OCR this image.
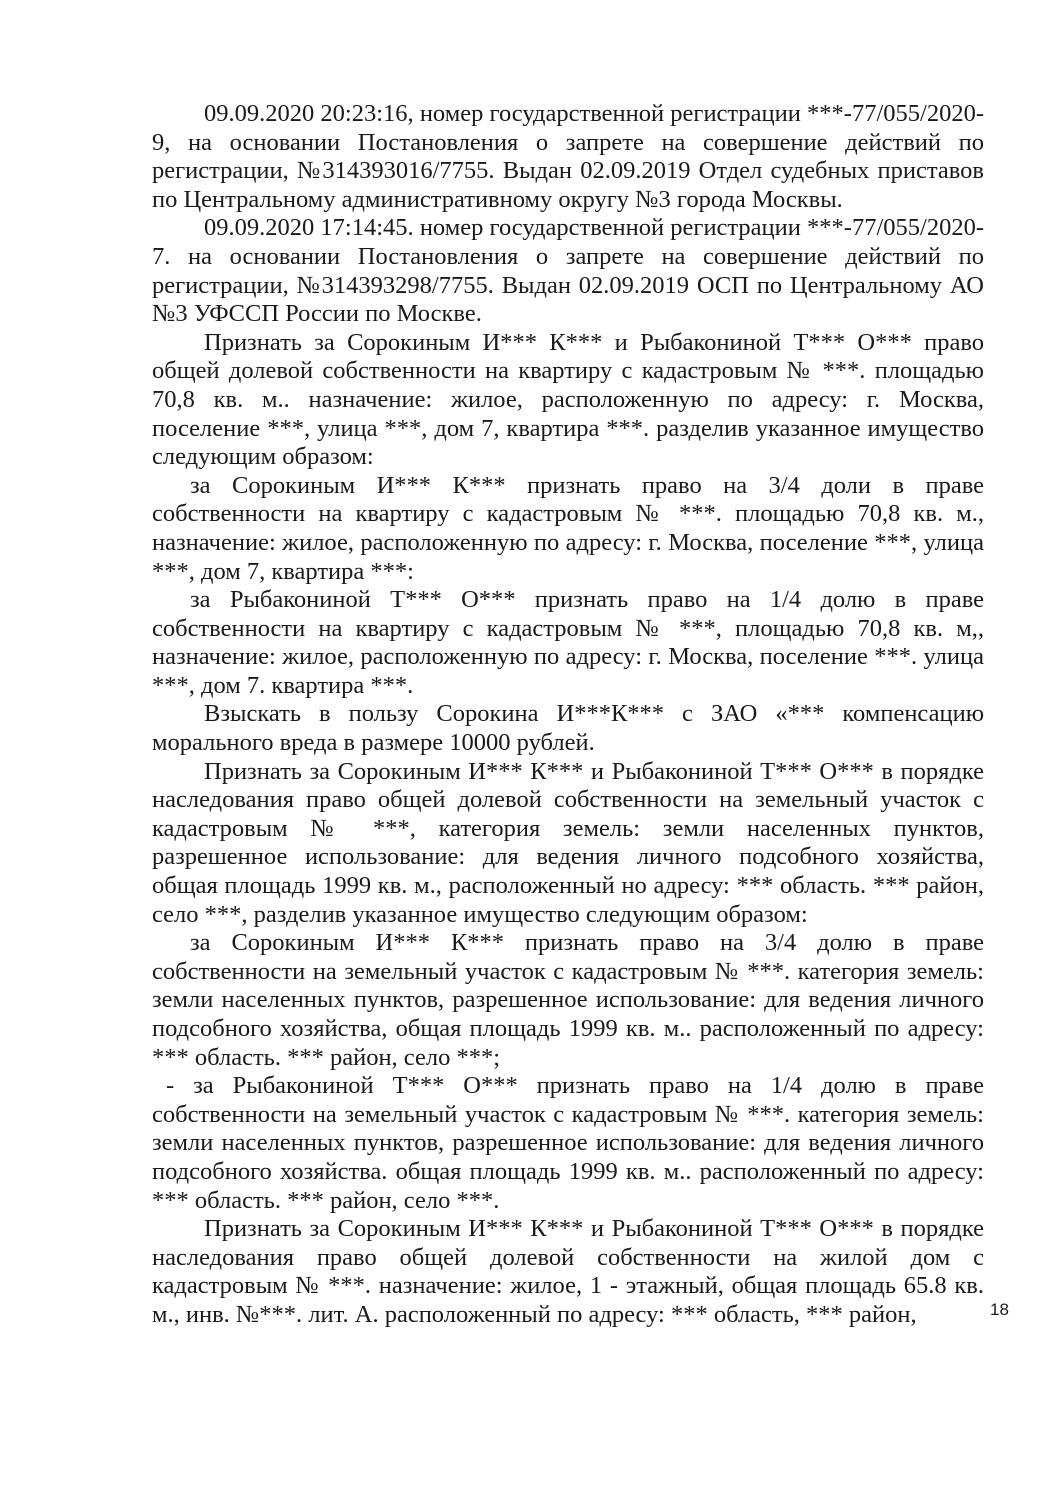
09.09.2020 20:23:16, номер государственной регистрации ***-77/055/2020-9, на основании Постановления о запрете на совершение действий по регистрации, №314393016/7755. Выдан 02.09.2019 Отдел судебных приставов по Центральному административному округу №3 города Москвы.

09.09.2020 17:14:45. номер государственной регистрации ***-77/055/2020-7. на основании Постановления о запрете на совершение действий по регистрации, №314393298/7755. Выдан 02.09.2019 ОСП по Центральному АО №3 УФССП России по Москве.

Признать за Сорокиным И*** К*** и Рыбакониной Т*** О*** право общей долевой собственности на квартиру с кадастровым № ***. площадью 70,8 кв. м.. назначение: жилое, расположенную по адресу: г. Москва, поселение ***, улица ***, дом 7, квартира ***. разделив указанное имущество следующим образом:

за Сорокиным И*** К*** признать право на 3/4 доли в праве собственности на квартиру с кадастровым № ***. площадью 70,8 кв. м., назначение: жилое, расположенную по адресу: г. Москва, поселение ***, улица ***, дом 7, квартира ***:

за Рыбакониной Т*** О*** признать право на 1/4 долю в праве собственности на квартиру с кадастровым № ***, площадью 70,8 кв. м,, назначение: жилое, расположенную по адресу: г. Москва, поселение ***. улица ***, дом 7. квартира ***.

Взыскать в пользу Сорокина И***К*** с ЗАО «*** компенсацию морального вреда в размере 10000 рублей.

Признать за Сорокиным И*** К*** и Рыбакониной Т*** О*** в порядке наследования право общей долевой собственности на земельный участок с кадастровым № ***, категория земель: земли населенных пунктов, разрешенное использование: для ведения личного подсобного хозяйства, общая площадь 1999 кв. м., расположенный но адресу: *** область. *** район, село ***, разделив указанное имущество следующим образом:

за Сорокиным И*** К*** признать право на 3/4 долю в праве собственности на земельный участок с кадастровым № ***. категория земель: земли населенных пунктов, разрешенное использование: для ведения личного подсобного хозяйства, общая площадь 1999 кв. м.. расположенный по адресу: *** область. *** район, село ***;

- за Рыбакониной Т*** О*** признать право на 1/4 долю в праве собственности на земельный участок с кадастровым № ***. категория земель: земли населенных пунктов, разрешенное использование: для ведения личного подсобного хозяйства. общая площадь 1999 кв. м.. расположенный по адресу: *** область. *** район, село ***.

Признать за Сорокиным И*** К*** и Рыбакониной Т*** О*** в порядке наследования право общей долевой собственности на жилой дом с кадастровым № ***. назначение: жилое, 1 - этажный, общая площадь 65.8 кв. м., инв. №***. лит. А. расположенный по адресу: *** область, *** район,	18
